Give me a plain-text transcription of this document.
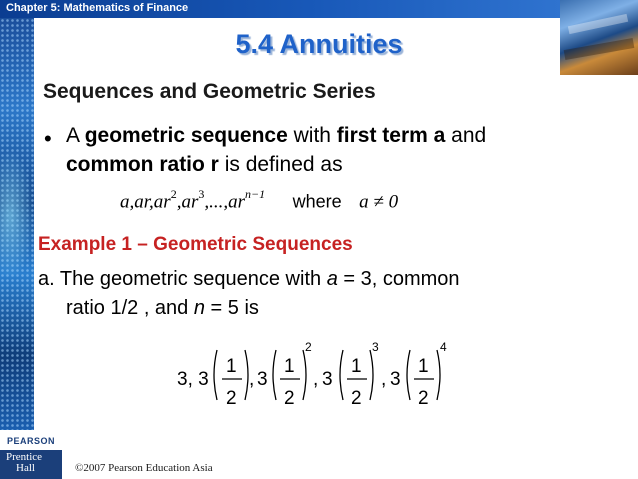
Chapter 5: Mathematics of Finance
5.4 Annuities
Sequences and Geometric Series
• A geometric sequence with first term a and
common ratio r is defined as
$a,ar,ar^2,ar^3,...,ar^{n-1}$ where a ≠ 0
Example 1 – Geometric Sequences
a. The geometric sequence with a = 3, common
ratio 1/2 , and n = 5 is
3, 3
1
2
, 3
1
2
2
, 3
1
2
3
, 3
1
2
4
PEARSON
Prentice
Hall	©2007 Pearson Education Asia
